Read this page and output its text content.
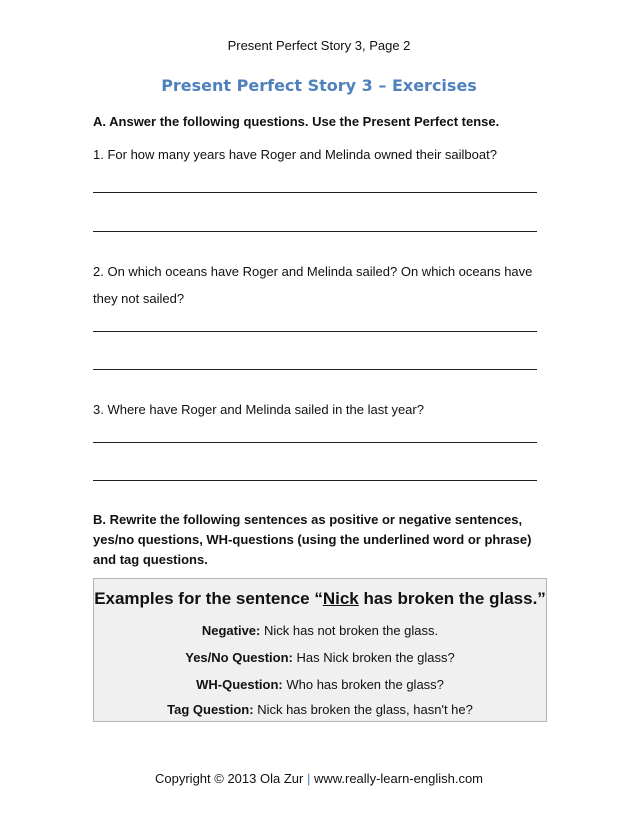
Present Perfect Story 3, Page 2
Present Perfect Story 3 – Exercises
A. Answer the following questions. Use the Present Perfect tense.
1. For how many years have Roger and Melinda owned their sailboat?
2. On which oceans have Roger and Melinda sailed? On which oceans have
they not sailed?
3. Where have Roger and Melinda sailed in the last year?
B. Rewrite the following sentences as positive or negative sentences,
yes/no questions, WH-questions (using the underlined word or phrase)
and tag questions.
Examples for the sentence “Nick has broken the glass.”
Negative: Nick has not broken the glass.
Yes/No Question: Has Nick broken the glass?
WH-Question: Who has broken the glass?
Tag Question: Nick has broken the glass, hasn't he?
Copyright © 2013 Ola Zur | www.really-learn-english.com
